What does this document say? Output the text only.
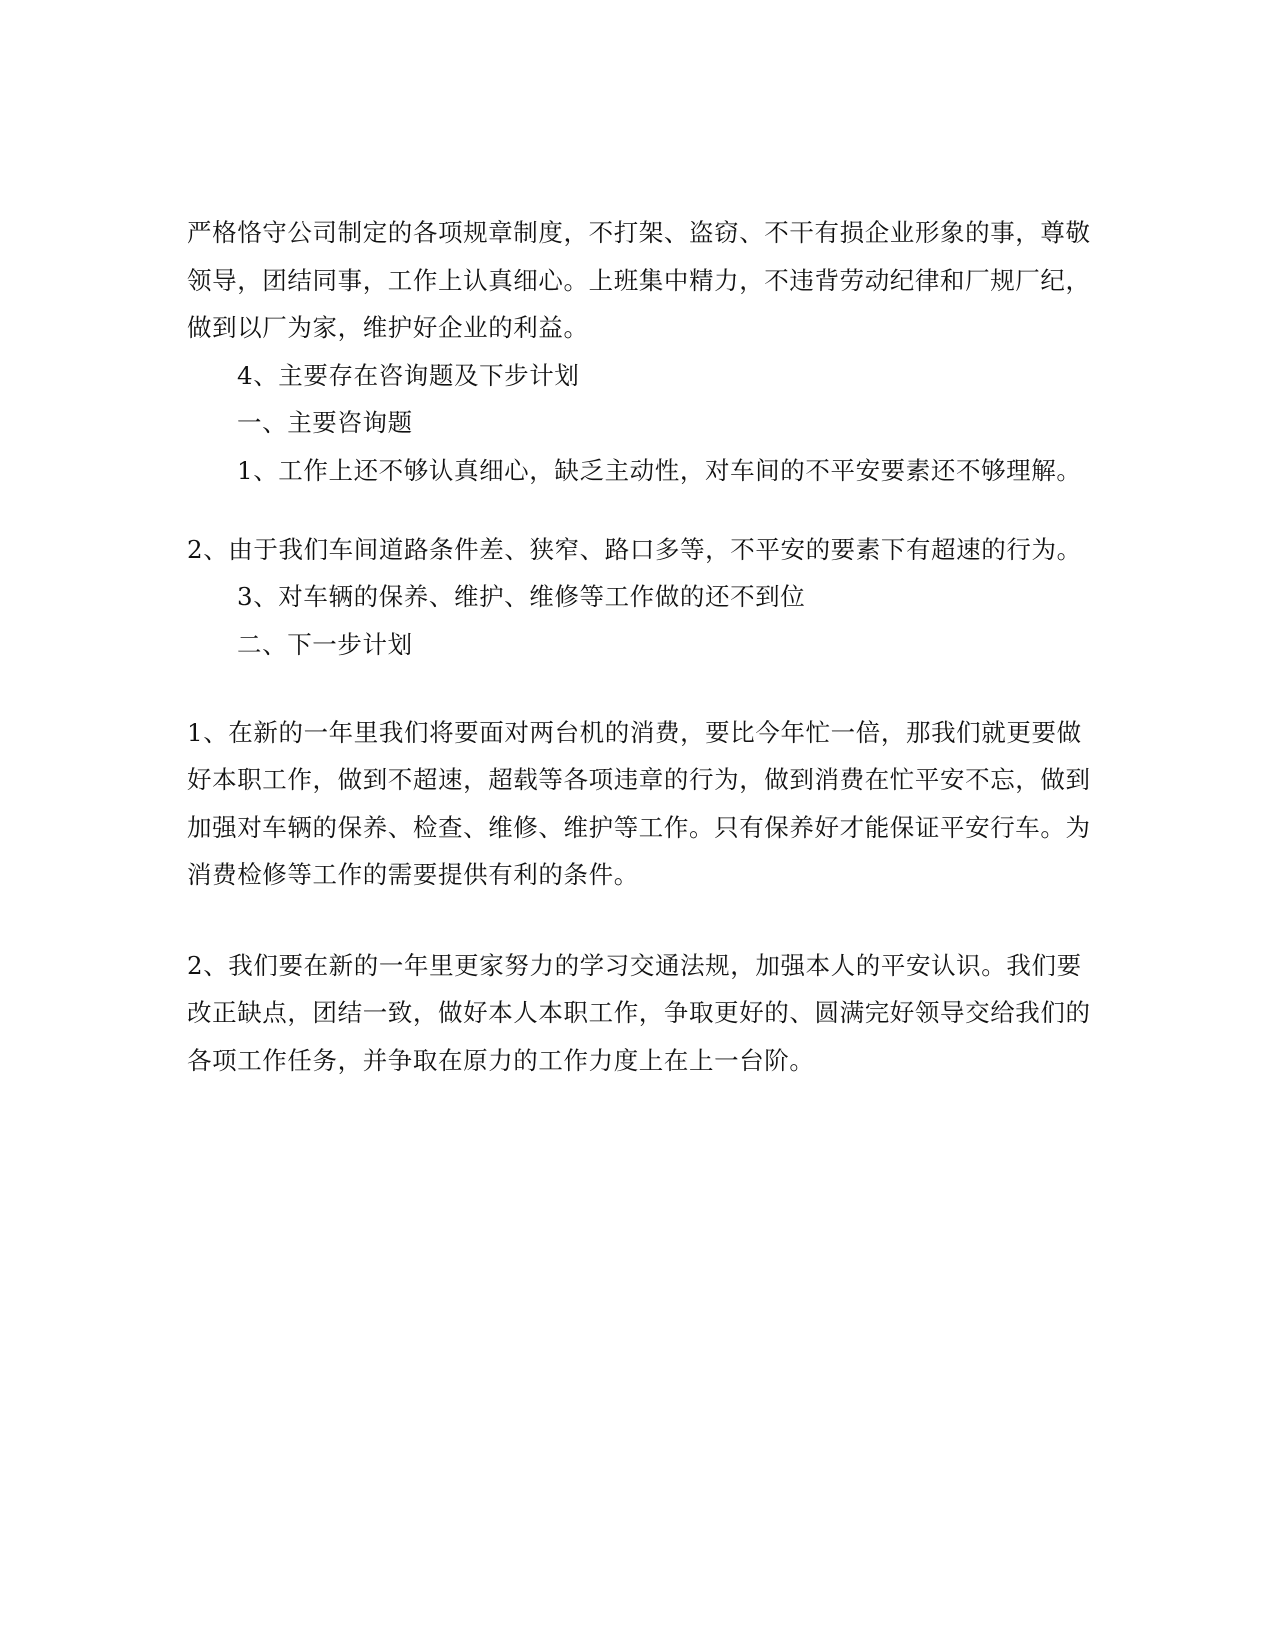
严格恪守公司制定的各项规章制度，不打架、盗窃、不干有损企业形象的事，尊敬
领导，团结同事，工作上认真细心。上班集中精力，不违背劳动纪律和厂规厂纪，
做到以厂为家，维护好企业的利益。
4、主要存在咨询题及下步计划
一、主要咨询题
1、工作上还不够认真细心，缺乏主动性，对车间的不平安要素还不够理解。
2、由于我们车间道路条件差、狭窄、路口多等，不平安的要素下有超速的行为。
3、对车辆的保养、维护、维修等工作做的还不到位
二、下一步计划
1、在新的一年里我们将要面对两台机的消费，要比今年忙一倍，那我们就更要做
好本职工作，做到不超速，超载等各项违章的行为，做到消费在忙平安不忘，做到
加强对车辆的保养、检查、维修、维护等工作。只有保养好才能保证平安行车。为
消费检修等工作的需要提供有利的条件。
2、我们要在新的一年里更家努力的学习交通法规，加强本人的平安认识。我们要
改正缺点，团结一致，做好本人本职工作，争取更好的、圆满完好领导交给我们的
各项工作任务，并争取在原力的工作力度上在上一台阶。
